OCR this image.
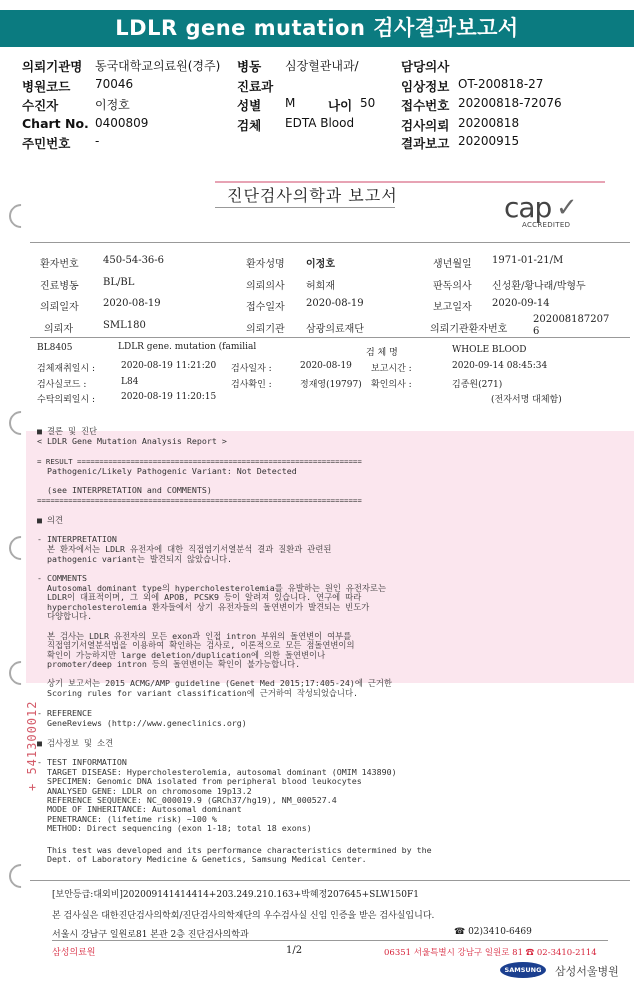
LDLR gene mutation 검사결과보고서
의뢰기관명 동국대학교의료원(경주) 병동 심장혈관내과/	담당의사
병원코드 70046	진료과	임상정보 OT-200818-27
수진자	이정호	성별 M	나이 50 접수번호 20200818-72076
Chart No. 0400809	검체 EDTA Blood	검사의뢰 20200818
주민번호 -	결과보고 20200915
진단검사의학과 보고서	cap ✓
ACCREDITED
환자번호 450-54-36-6	환자성명 이정호	생년월일 1971-01-21/M
진료병동 BL/BL	의뢰의사 허희재	판독의사 신성환/황나래/박형두
의뢰일자 2020-08-19	접수일자 2020-08-19	보고일자 2020-09-14
의뢰자	SML180	의뢰기관 삼광의료재단	의뢰기관환자번호
202008187207
6
BL8405	LDLR gene. mutation (familial
검 체 명	WHOLE BLOOD
검체재취일시 :	2020-08-19 11:21:20 검사일자 :	2020-08-19 보고시간 :	2020-09-14 08:45:34
검사실코드 :	L84	검사확인 :	정재영(19797) 확인의사 :	김종원(271)
수탁의뢰일시 :	2020-08-19 11:20:15	(전자서명 대체함)
■ 결론 및 진단
< LDLR Gene Mutation Analysis Report >
= RESULT ================================================================
Pathogenic/Likely Pathogenic Variant: Not Detected
(see INTERPRETATION and COMMENTS)
=========================================================================
■ 의견
- INTERPRETATION
본 환자에서는 LDLR 유전자에 대한 직접염기서열분석 결과 질환과 관련된
pathogenic variant는 발견되지 않았습니다.
- COMMENTS
Autosomal dominant type의 hypercholesterolemia를 유발하는 원인 유전자로는
LDLR이 대표적이며, 그 외에 APOB, PCSK9 등이 알려져 있습니다. 연구에 따라
hypercholesterolemia 환자들에서 상기 유전자들의 돌연변이가 발견되는 빈도가
다양합니다.
본 검사는 LDLR 유전자의 모든 exon과 인접 intron 부위의 돌연변이 여부를
직접염기서열분석법을 이용하여 확인하는 검사로, 이론적으로 모든 점돌연변이의
확인이 가능하지만 large deletion/duplication에 의한 돌연변이나
promoter/deep intron 등의 돌연변이는 확인이 불가능합니다.
상기 보고서는 2015 ACMG/AMP guideline (Genet Med 2015;17:405-24)에 근거한
Scoring rules for variant classification에 근거하여 작성되었습니다.
- REFERENCE
GeneReviews (http://www.geneclinics.org)
■ 검사정보 및 소견
- TEST INFORMATION
TARGET DISEASE: Hypercholesterolemia, autosomal dominant (OMIM 143890)
SPECIMEN: Genomic DNA isolated from peripheral blood leukocytes
ANALYSED GENE: LDLR on chromosome 19p13.2
REFERENCE SEQUENCE: NC_000019.9 (GRCh37/hg19), NM_000527.4
MODE OF INHERITANCE: Autosomal dominant
PENETRANCE: (lifetime risk) ~100 %
METHOD: Direct sequencing (exon 1-18; total 18 exons)
This test was developed and its performance characteristics determined by the
Dept. of Laboratory Medicine & Genetics, Samsung Medical Center.
+ 541300012
[보안등급:대외비]202009141414414+203.249.210.163+박혜정207645+SLW150F1
본 검사실은 대한진단검사의학회/진단검사의학재단의 우수검사실 신임 인증을 받은 검사실입니다.
서울시 강남구 일원로81 본관 2층 진단검사의학과	☎ 02)3410-6469
삼성의료원	1/2	06351 서울특별시 강남구 일원로 81 ☎ 02-3410-2114
SAMSUNG	삼성서울병원
